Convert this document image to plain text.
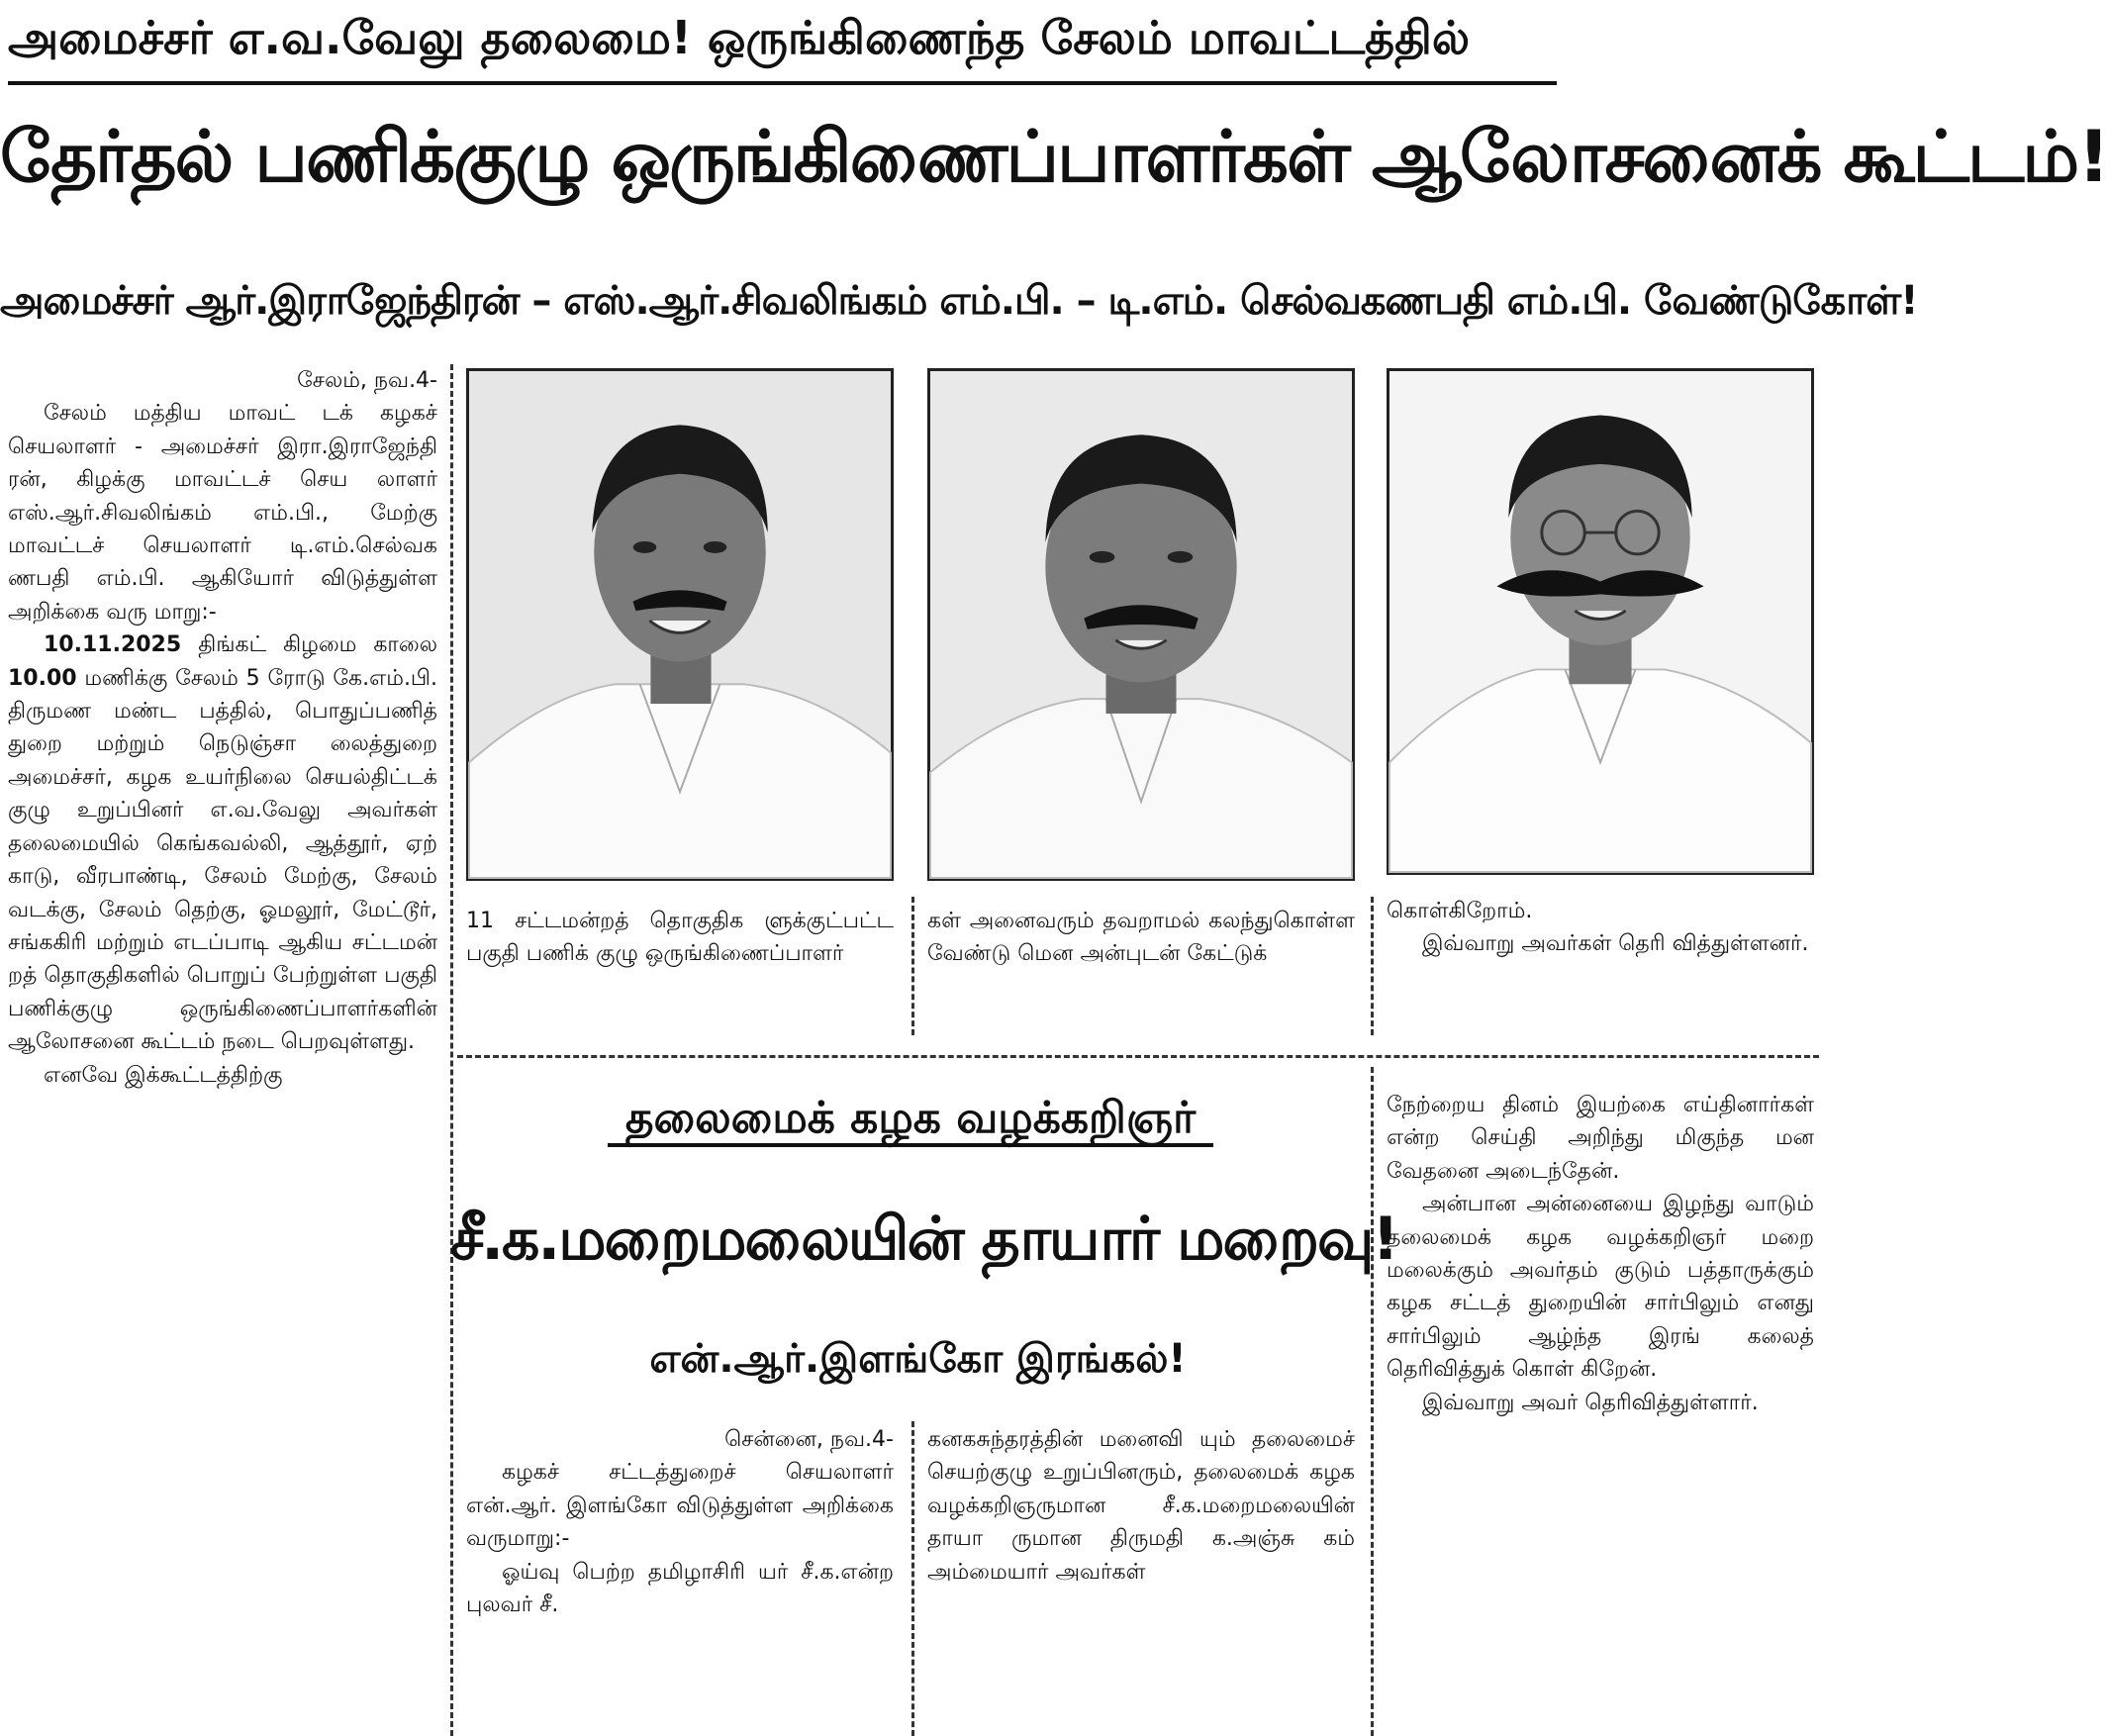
அமைச்சர் எ.வ.வேலு தலைமை! ஒருங்கிணைந்த சேலம் மாவட்டத்தில்
தேர்தல் பணிக்குழு ஒருங்கிணைப்பாளர்கள் ஆலோசனைக் கூட்டம்!
அமைச்சர் ஆர்.இராஜேந்திரன் – எஸ்.ஆர்.சிவலிங்கம் எம்.பி. – டி.எம். செல்வகணபதி எம்.பி. வேண்டுகோள்!

சேலம், நவ.4-

சேலம் மத்திய மாவட் டக் கழகச் செயலாளர் - அமைச்சர் இரா.இராஜேந்தி ரன், கிழக்கு மாவட்டச் செய லாளர் எஸ்.ஆர்.சிவலிங்கம் எம்.பி., மேற்கு மாவட்டச் செயலாளர் டி.எம்.செல்வக ணபதி எம்.பி. ஆகியோர் விடுத்துள்ள அறிக்கை வரு மாறு:-

10.11.2025 திங்கட் கிழமை காலை 10.00 மணிக்கு சேலம் 5 ரோடு கே.எம்.பி. திருமண மண்ட பத்தில், பொதுப்பணித் துறை மற்றும் நெடுஞ்சா லைத்துறை அமைச்சர், கழக உயர்நிலை செயல்திட்டக் குழு உறுப்பினர் எ.வ.வேலு அவர்கள் தலைமையில் கெங்கவல்லி, ஆத்தூர், ஏற் காடு, வீரபாண்டி, சேலம் மேற்கு, சேலம் வடக்கு, சேலம் தெற்கு, ஓமலூர், மேட்டூர், சங்ககிரி மற்றும் எடப்பாடி ஆகிய சட்டமன் றத் தொகுதிகளில் பொறுப் பேற்றுள்ள பகுதி பணிக்குழு ஒருங்கிணைப்பாளர்களின் ஆலோசனை கூட்டம் நடை பெறவுள்ளது.

எனவே இக்கூட்டத்திற்கு

11 சட்டமன்றத் தொகுதிக ளுக்குட்பட்ட பகுதி பணிக் குழு ஒருங்கிணைப்பாளர்

கள் அனைவரும் தவறாமல் கலந்துகொள்ள வேண்டு மென அன்புடன் கேட்டுக்

கொள்கிறோம்.

இவ்வாறு அவர்கள் தெரி வித்துள்ளனர்.

தலைமைக் கழக வழக்கறிஞர்
சீ.க.மறைமலையின் தாயார் மறைவு!
என்.ஆர்.இளங்கோ இரங்கல்!

சென்னை, நவ.4-

கழகச் சட்டத்துறைச் செயலாளர் என்.ஆர். இளங்கோ விடுத்துள்ள அறிக்கை வருமாறு:-

ஓய்வு பெற்ற தமிழாசிரி யர் சீ.க.என்ற புலவர் சீ.

கனகசுந்தரத்தின் மனைவி யும் தலைமைச் செயற்குழு உறுப்பினரும், தலைமைக் கழக வழக்கறிஞருமான சீ.க.மறைமலையின் தாயா ருமான திருமதி க.அஞ்சு கம் அம்மையார் அவர்கள்

நேற்றைய தினம் இயற்கை எய்தினார்கள் என்ற செய்தி அறிந்து மிகுந்த மன வேதனை அடைந்தேன்.

அன்பான அன்னையை இழந்து வாடும் தலைமைக் கழக வழக்கறிஞர் மறை மலைக்கும் அவர்தம் குடும் பத்தாருக்கும் கழக சட்டத் துறையின் சார்பிலும் எனது சார்பிலும் ஆழ்ந்த இரங் கலைத் தெரிவித்துக் கொள் கிறேன்.

இவ்வாறு அவர் தெரிவித்துள்ளார்.
